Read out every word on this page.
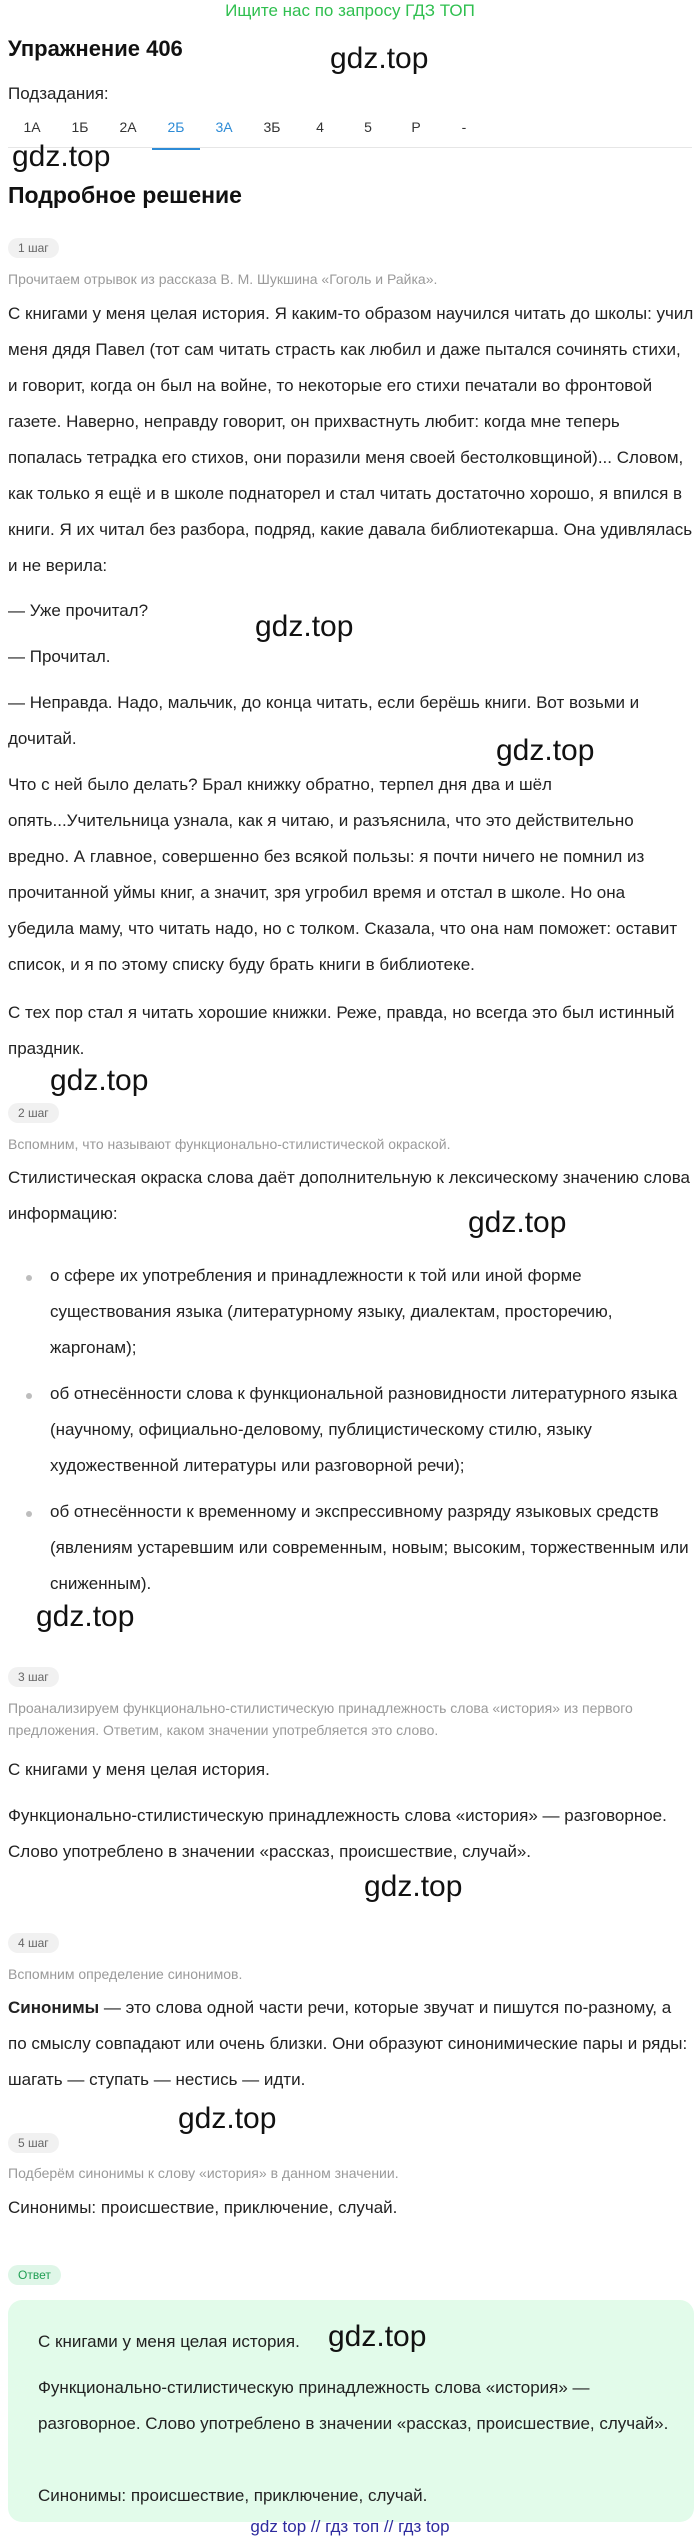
Ищите нас по запросу ГДЗ ТОП
Упражнение 406	gdz.top
Подзадания:
1А	1Б	2А	2Б	3А	3Б	4	5	Р	-
gdz.top
Подробное решение
1 шаг
Прочитаем отрывок из рассказа В. М. Шукшина «Гоголь и Райка».
С книгами у меня целая история. Я каким-то образом научился читать до школы: учил меня дядя Павел (тот сам читать страсть как любил и даже пытался сочинять стихи, и говорит, когда он был на войне, то некоторые его стихи печатали во фронтовой газете. Наверно, неправду говорит, он прихвастнуть любит: когда мне теперь попалась тетрадка его стихов, они поразили меня своей бестолковщиной)... Словом, как только я ещё и в школе поднаторел и стал читать достаточно хорошо, я впился в книги. Я их читал без разбора, подряд, какие давала библиотекарша. Она удивлялась и не верила:
— Уже прочитал?	gdz.top
— Прочитал.
— Неправда. Надо, мальчик, до конца читать, если берёшь книги. Вот возьми и дочитай.	gdz.top
Что с ней было делать? Брал книжку обратно, терпел дня два и шёл опять...Учительница узнала, как я читаю, и разъяснила, что это действительно вредно. А главное, совершенно без всякой пользы: я почти ничего не помнил из прочитанной уймы книг, а значит, зря угробил время и отстал в школе. Но она убедила маму, что читать надо, но с толком. Сказала, что она нам поможет: оставит список, и я по этому списку буду брать книги в библиотеке.
С тех пор стал я читать хорошие книжки. Реже, правда, но всегда это был истинный праздник.
gdz.top
2 шаг
Вспомним, что называют функционально-стилистической окраской.
Стилистическая окраска слова даёт дополнительную к лексическому значению слова информацию:	gdz.top
о сфере их употребления и принадлежности к той или иной форме существования языка (литературному языку, диалектам, просторечию, жаргонам);
об отнесённости слова к функциональной разновидности литературного языка (научному, официально-деловому, публицистическому стилю, языку художественной литературы или разговорной речи);
об отнесённости к временному и экспрессивному разряду языковых средств (явлениям устаревшим или современным, новым; высоким, торжественным или сниженным).
gdz.top
3 шаг
Проанализируем функционально-стилистическую принадлежность слова «история» из первого предложения. Ответим, каком значении употребляется это слово.
С книгами у меня целая история.
Функционально-стилистическую принадлежность слова «история» — разговорное. Слово употреблено в значении «рассказ, происшествие, случай».
gdz.top
4 шаг
Вспомним определение синонимов.
Синонимы — это слова одной части речи, которые звучат и пишутся по-разному, а по смыслу совпадают или очень близки. Они образуют синонимические пары и ряды: шагать — ступать — нестись — идти.
gdz.top
5 шаг
Подберём синонимы к слову «история» в данном значении.
Синонимы: происшествие, приключение, случай.
Ответ
С книгами у меня целая история. gdz.top
Функционально-стилистическую принадлежность слова «история» — разговорное. Слово употреблено в значении «рассказ, происшествие, случай».
Синонимы: происшествие, приключение, случай.
gdz top // гдз топ // гдз top
